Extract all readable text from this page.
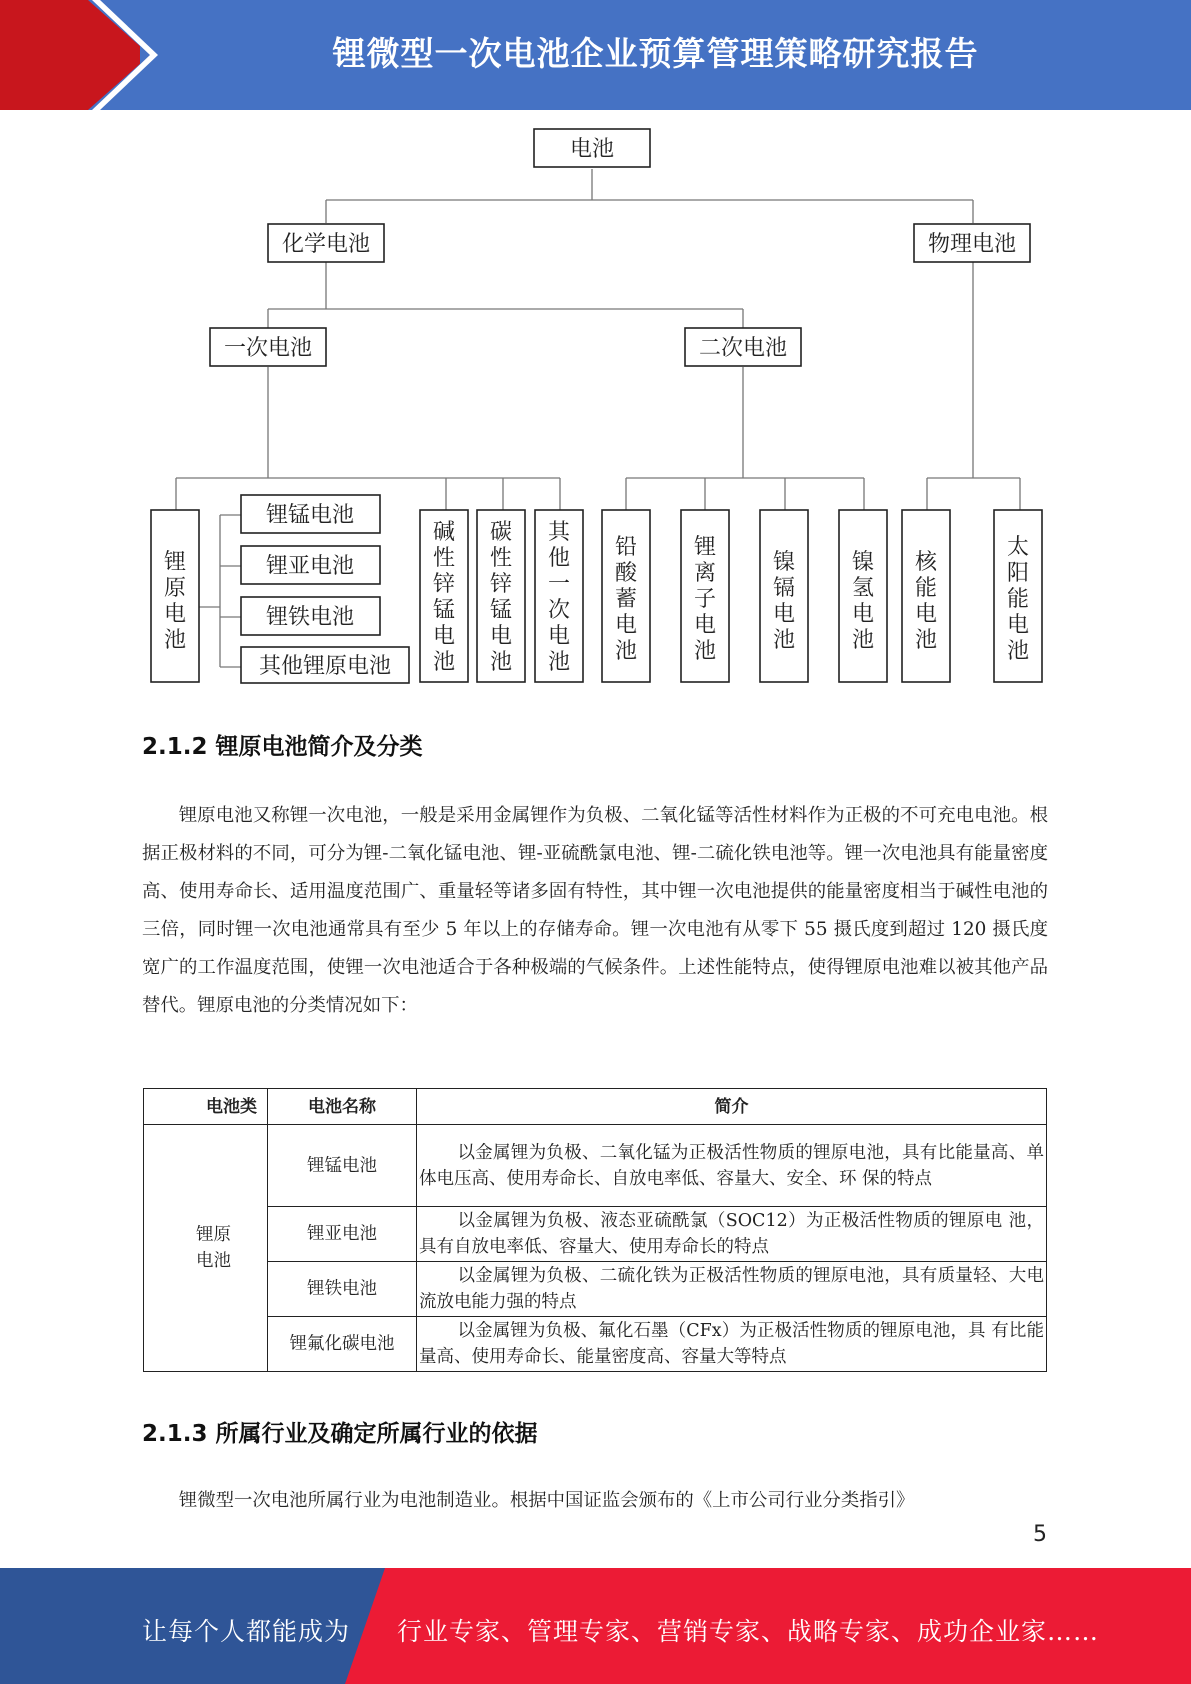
锂微型一次电池企业预算管理策略研究报告
电池
化学电池	物理电池
一次电池	二次电池
锂原电池
锂锰电池
锂亚电池
锂铁电池
其他锂原电池
碱性锌锰电池
碳性锌锰电池
其他一次电池
铅酸蓄电池
锂离子电池
镍镉电池
镍氢电池
核能电池
太阳能电池
2.1.2 锂原电池简介及分类

锂原电池又称锂一次电池，一般是采用金属锂作为负极、二氧化锰等活性材料作为正极的不可充电电池。根据正极材料的不同，可分为锂-二氧化锰电池、锂-亚硫酰氯电池、锂-二硫化铁电池等。锂一次电池具有能量密度高、使用寿命长、适用温度范围广、重量轻等诸多固有特性，其中锂一次电池提供的能量密度相当于碱性电池的三倍，同时锂一次电池通常具有至少 5 年以上的存储寿命。锂一次电池有从零下 55 摄氏度到超过 120 摄氏度宽广的工作温度范围，使锂一次电池适合于各种极端的气候条件。上述性能特点，使得锂原电池难以被其他产品替代。锂原电池的分类情况如下：

电池类	电池名称	简介
锂原电池	锂锰电池	以金属锂为负极、二氧化锰为正极活性物质的锂原电池，具有比能量高、单体电压高、使用寿命长、自放电率低、容量大、安全、环 保的特点
	锂亚电池	以金属锂为负极、液态亚硫酰氯（SOC12）为正极活性物质的锂原电 池，具有自放电率低、容量大、使用寿命长的特点
	锂铁电池	以金属锂为负极、二硫化铁为正极活性物质的锂原电池，具有质量轻、大电流放电能力强的特点
	锂氟化碳电池	以金属锂为负极、氟化石墨（CFx）为正极活性物质的锂原电池，具 有比能量高、使用寿命长、能量密度高、容量大等特点
2.1.3 所属行业及确定所属行业的依据

锂微型一次电池所属行业为电池制造业。根据中国证监会颁布的《上市公司行业分类指引》

5
让每个人都能成为 行业专家、管理专家、营销专家、战略专家、成功企业家……
